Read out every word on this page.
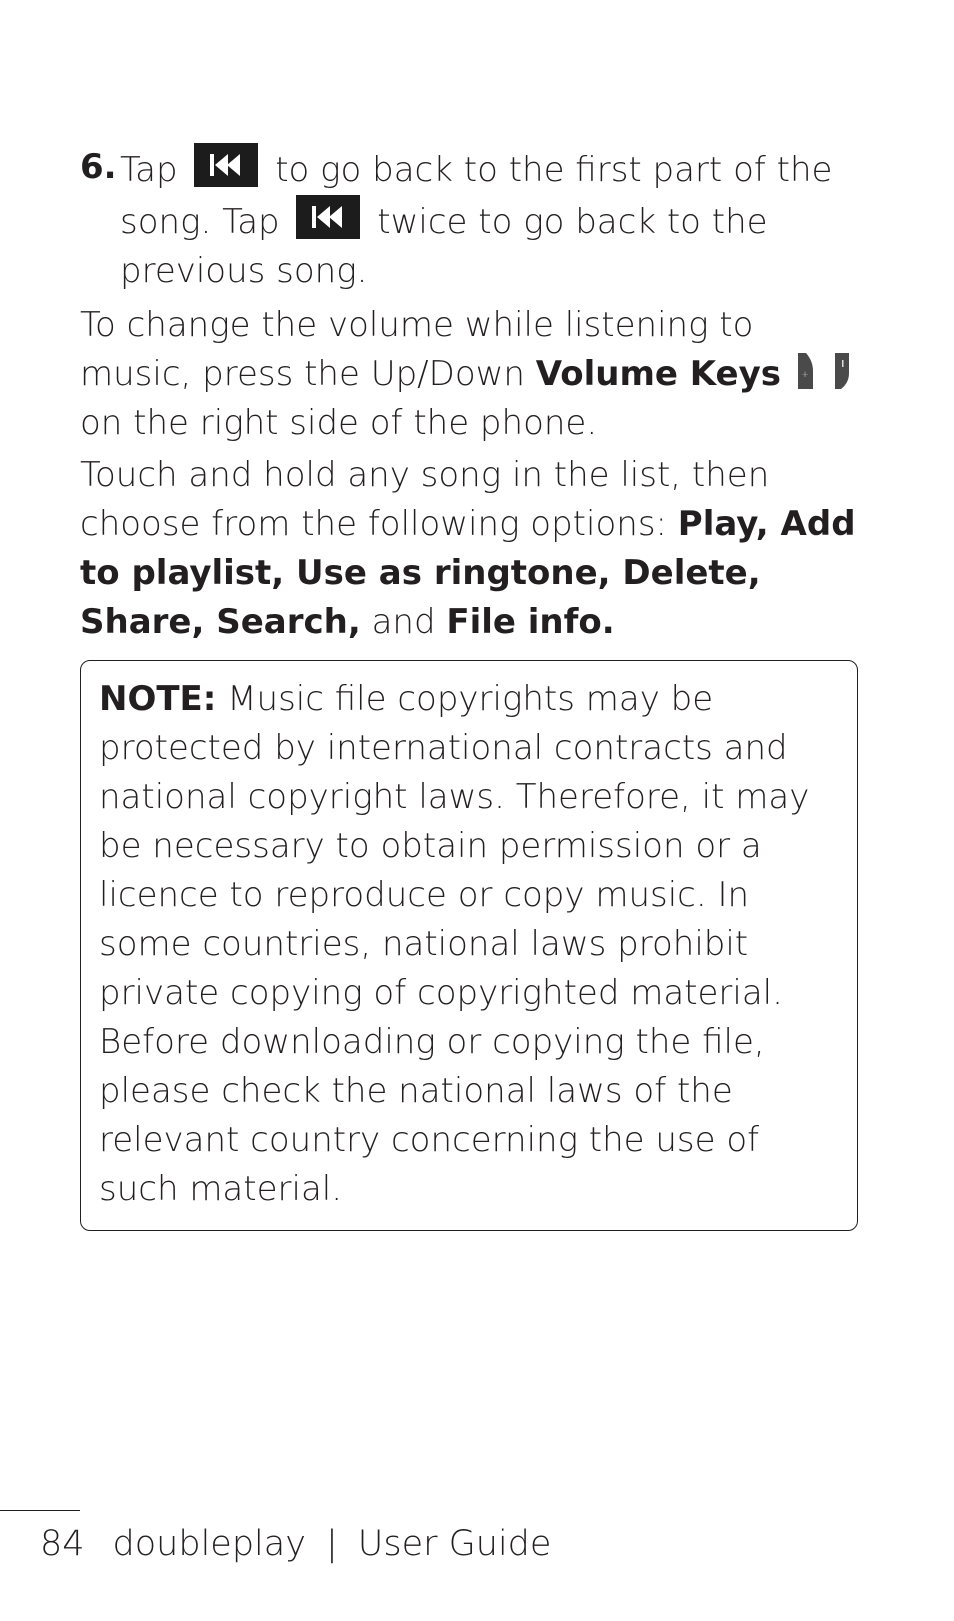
6. Tap	to go back to the first part of the song. Tap	twice to go back to the previous song.
To change the volume while listening to music, press the Up/Down Volume Keys +
on the right side of the phone.
Touch and hold any song in the list, then choose from the following options: Play, Add to playlist, Use as ringtone, Delete, Share, Search, and File info.
NOTE: Music file copyrights may be protected by international contracts and national copyright laws. Therefore, it may be necessary to obtain permission or a licence to reproduce or copy music. In some countries, national laws prohibit private copying of copyrighted material. Before downloading or copying the file, please check the national laws of the relevant country concerning the use of such material.
84 doubleplay | User Guide
